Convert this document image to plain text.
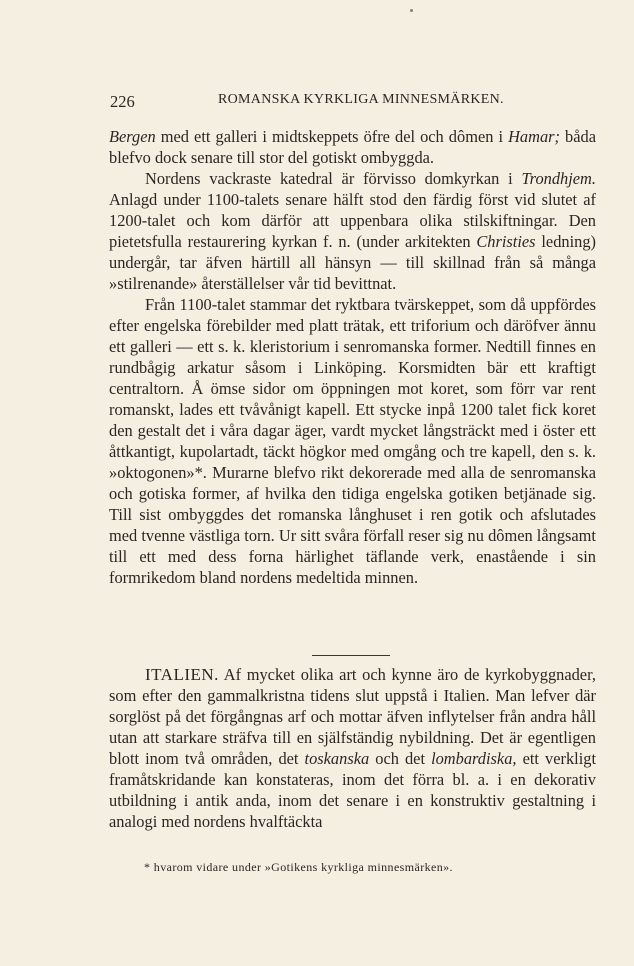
226	ROMANSKA KYRKLIGA MINNESMÄRKEN.

Bergen med ett galleri i midtskeppets öfre del och dômen i Hamar; båda blefvo dock senare till stor del gotiskt ombyggda.

Nordens vackraste katedral är förvisso domkyrkan i Trondhjem. Anlagd under 1100-talets senare hälft stod den färdig först vid slutet af 1200-talet och kom därför att uppenbara olika stilskiftningar. Den pietetsfulla restaurering kyrkan f. n. (under arkitekten Christies ledning) undergår, tar äfven härtill all hänsyn — till skillnad från så många »stilrenande» återställelser vår tid bevittnat.

Från 1100-talet stammar det ryktbara tvärskeppet, som då uppfördes efter engelska förebilder med platt trätak, ett triforium och däröfver ännu ett galleri — ett s. k. kleristorium i senromanska former. Nedtill finnes en rundbågig arkatur såsom i Linköping. Korsmidten bär ett kraftigt centraltorn. Å ömse sidor om öppningen mot koret, som förr var rent romanskt, lades ett tvåvånigt kapell. Ett stycke inpå 1200 talet fick koret den gestalt det i våra dagar äger, vardt mycket långsträckt med i öster ett åttkantigt, kupolartadt, täckt högkor med omgång och tre kapell, den s. k. »oktogonen»*. Murarne blefvo rikt dekorerade med alla de senromanska och gotiska former, af hvilka den tidiga engelska gotiken betjänade sig. Till sist ombyggdes det romanska långhuset i ren gotik och afslutades med tvenne västliga torn. Ur sitt svåra förfall reser sig nu dômen långsamt till ett med dess forna härlighet täflande verk, enastående i sin formrikedom bland nordens medeltida minnen.

ITALIEN. Af mycket olika art och kynne äro de kyrkobyggnader, som efter den gammalkristna tidens slut uppstå i Italien. Man lefver där sorglöst på det förgångnas arf och mottar äfven inflytelser från andra håll utan att starkare sträfva till en själfständig nybildning. Det är egentligen blott inom två områden, det toskanska och det lombardiska, ett verkligt framåtskridande kan konstateras, inom det förra bl. a. i en dekorativ utbildning i antik anda, inom det senare i en konstruktiv gestaltning i analogi med nordens hvalftäckta

* hvarom vidare under »Gotikens kyrkliga minnesmärken».
